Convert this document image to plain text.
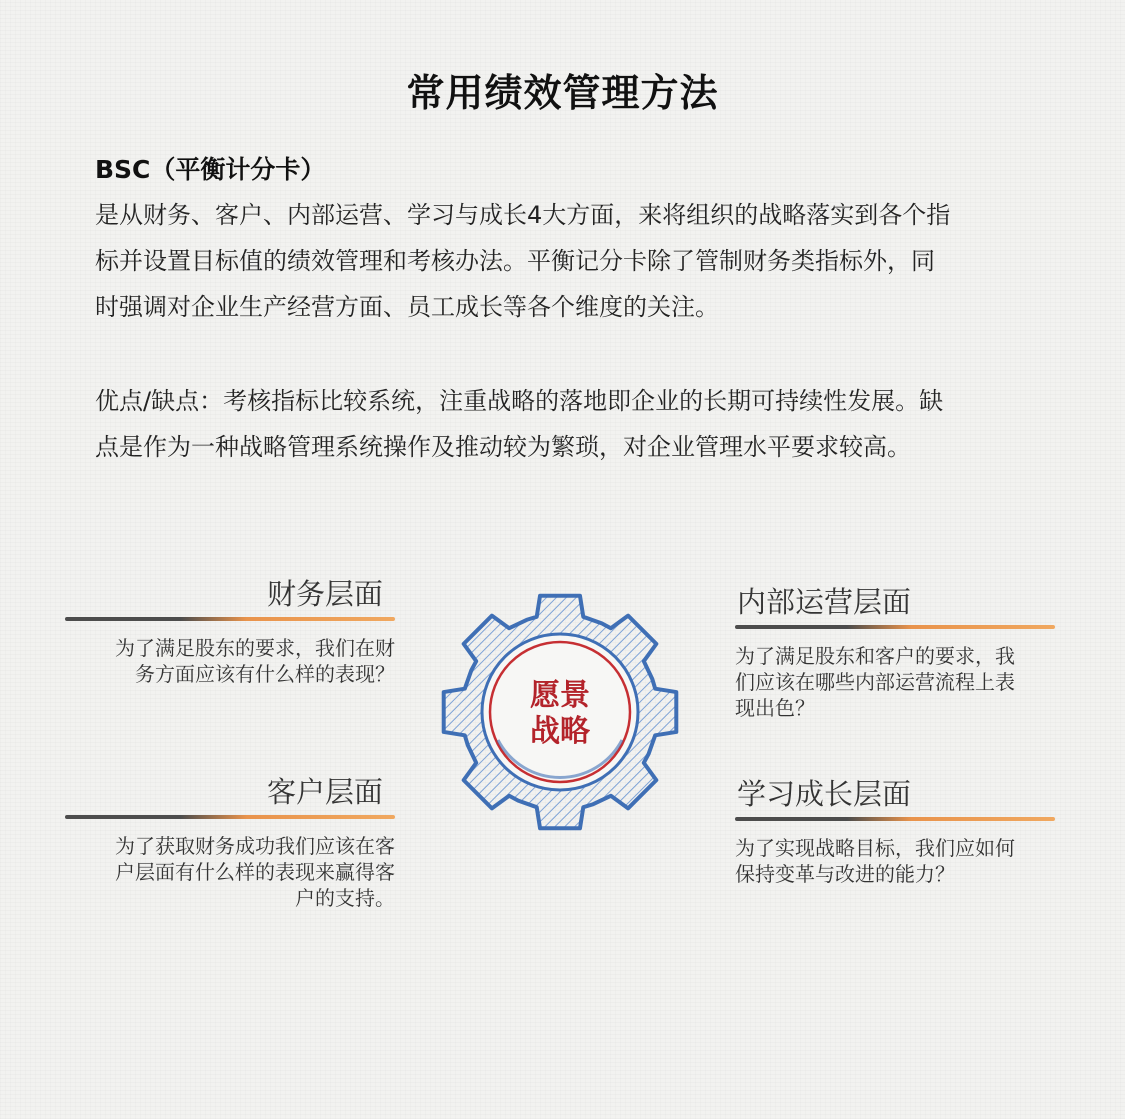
常用绩效管理方法
BSC（平衡计分卡）
是从财务、客户、内部运营、学习与成长4大方面，来将组织的战略落实到各个指
标并设置目标值的绩效管理和考核办法。平衡记分卡除了管制财务类指标外，同
时强调对企业生产经营方面、员工成长等各个维度的关注。
优点/缺点：考核指标比较系统，注重战略的落地即企业的长期可持续性发展。缺
点是作为一种战略管理系统操作及推动较为繁琐，对企业管理水平要求较高。
财务层面
为了满足股东的要求，我们在财
务方面应该有什么样的表现？
客户层面
为了获取财务成功我们应该在客
户层面有什么样的表现来赢得客
户的支持。
内部运营层面
为了满足股东和客户的要求，我
们应该在哪些内部运营流程上表
现出色？
学习成长层面
为了实现战略目标，我们应如何
保持变革与改进的能力？
愿景
战略
